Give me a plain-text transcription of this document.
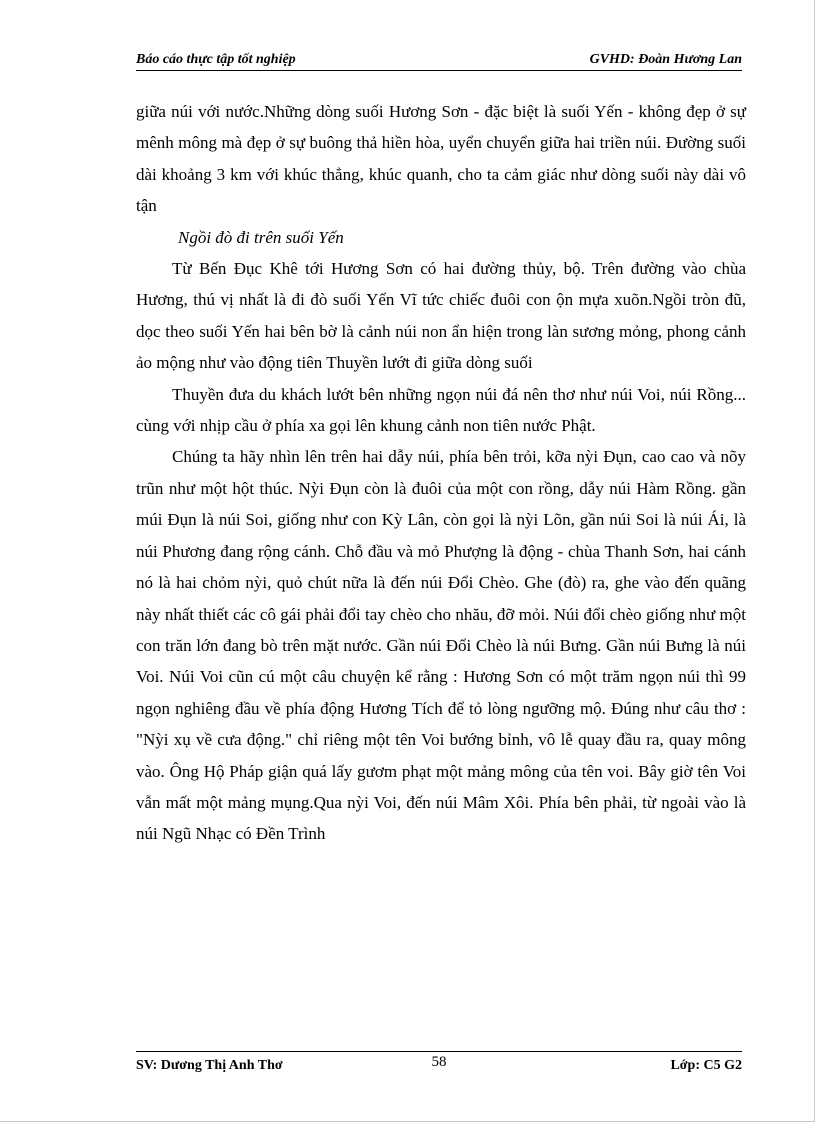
Báo cáo thực tập tốt nghiệp	GVHD: Đoàn Hương Lan

giữa núi với nước.Những dòng suối Hương Sơn - đặc biệt là suối Yến - không đẹp ở sự mênh mông mà đẹp ở sự buông thả hiền hòa, uyển chuyển giữa hai triền núi. Đường suối dài khoảng 3 km với khúc thẳng, khúc quanh, cho ta cảm giác như dòng suối này dài vô tận

Ngồi đò đi trên suối Yến

Từ Bến Đục Khê tới Hương Sơn có hai đường thủy, bộ. Trên đường vào chùa Hương, thú vị nhất là đi đò suối Yến Vĩ tức chiếc đuôi con ộn mựa xuõn.Ngồi tròn đũ, dọc theo suối Yến hai bên bờ là cảnh núi non ẩn hiện trong làn sương mỏng, phong cảnh ảo mộng như vào động tiên Thuyền lướt đi giữa dòng suối

Thuyền đưa du khách lướt bên những ngọn núi đá nên thơ như núi Voi, núi Rồng... cùng với nhịp cầu ở phía xa gọi lên khung cảnh non tiên nước Phật.

Chúng ta hãy nhìn lên trên hai dẫy núi, phía bên trỏi, kỡa nỳi Đụn, cao cao và nõy trũn như một hột thúc. Nỳi Đụn còn là đuôi của một con rồng, dẫy núi Hàm Rồng. gần múi Đụn là núi Soi, giống như con Kỳ Lân, còn gọi là nỳi Lõn, gần núi Soi là núi Ái, là núi Phương đang rộng cánh. Chỗ đầu và mỏ Phượng là động - chùa Thanh Sơn, hai cánh nó là hai chỏm nỳi, quỏ chút nữa là đến núi Đổi Chèo. Ghe (đò) ra, ghe vào đến quãng này nhất thiết các cô gái phải đổi tay chèo cho nhău, đỡ mỏi. Núi đổi chèo giống như một con trăn lớn đang bò trên mặt nước. Gần núi Đổi Chèo là núi Bưng. Gần núi Bưng là núi Voi. Núi Voi cũn cú một câu chuyện kể rằng : Hương Sơn có một trăm ngọn núi thì 99 ngọn nghiêng đầu về phía động Hương Tích để tỏ lòng ngưỡng mộ. Đúng như câu thơ : "Nỳi xụ về cưa động." chỉ riêng một tên Voi bướng bỉnh, vô lễ quay đầu ra, quay mông vào. Ông Hộ Pháp giận quá lấy gươm phạt một mảng mông của tên voi. Bây giờ tên Voi vẫn mất một mảng mụng.Qua nỳi Voi, đến núi Mâm Xôi. Phía bên phải, từ ngoài vào là núi Ngũ Nhạc có Đền Trình

SV: Dương Thị Anh Thơ	58	Lớp: C5 G2
